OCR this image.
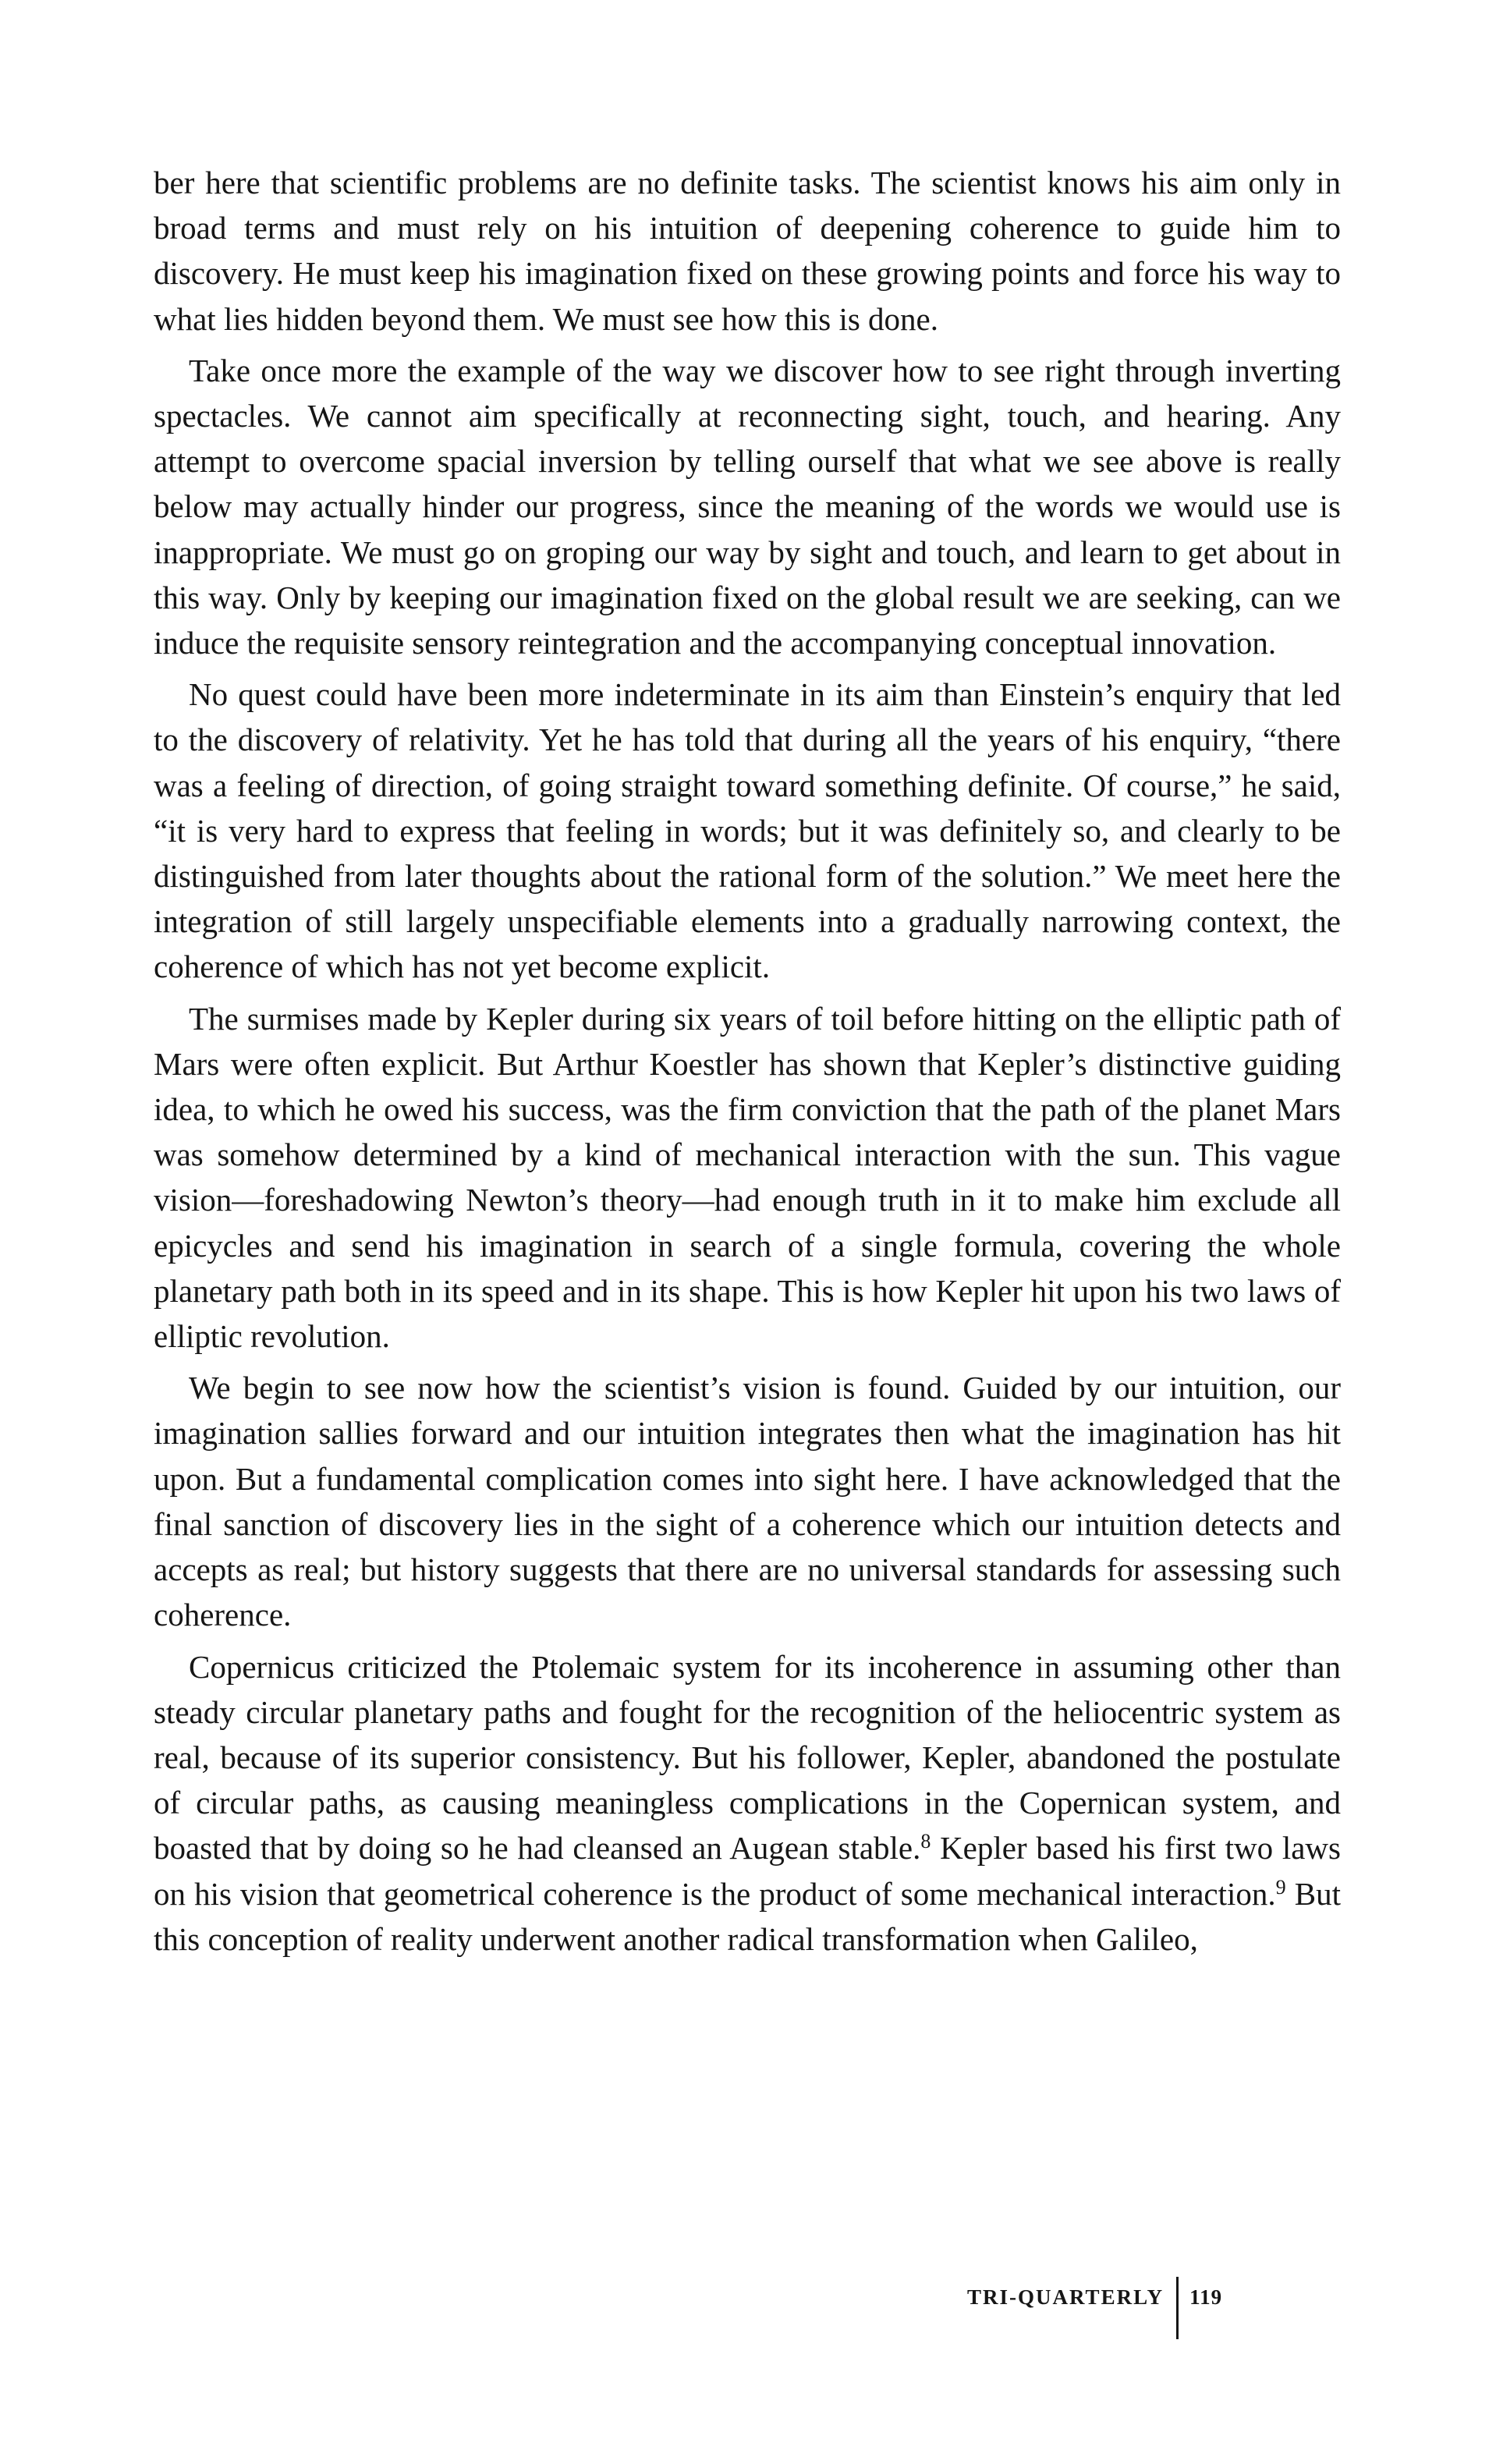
ber here that scientific problems are no definite tasks. The scientist knows his aim only in broad terms and must rely on his intuition of deepening coherence to guide him to discovery. He must keep his imagination fixed on these growing points and force his way to what lies hidden beyond them. We must see how this is done.

Take once more the example of the way we discover how to see right through inverting spectacles. We cannot aim specifically at reconnecting sight, touch, and hearing. Any attempt to overcome spacial inversion by telling ourself that what we see above is really below may actually hinder our progress, since the meaning of the words we would use is inappropriate. We must go on groping our way by sight and touch, and learn to get about in this way. Only by keeping our imagination fixed on the global result we are seeking, can we induce the requisite sensory reintegration and the accompanying conceptual innovation.

No quest could have been more indeterminate in its aim than Einstein’s enquiry that led to the discovery of relativity. Yet he has told that during all the years of his enquiry, “there was a feeling of direction, of going straight toward something definite. Of course,” he said, “it is very hard to express that feeling in words; but it was definitely so, and clearly to be distinguished from later thoughts about the rational form of the solution.” We meet here the integration of still largely unspecifiable elements into a gradually narrowing context, the coherence of which has not yet become explicit.

The surmises made by Kepler during six years of toil before hitting on the elliptic path of Mars were often explicit. But Arthur Koestler has shown that Kepler’s distinctive guiding idea, to which he owed his success, was the firm conviction that the path of the planet Mars was somehow determined by a kind of mechanical interaction with the sun. This vague vision—foreshadowing Newton’s theory—had enough truth in it to make him exclude all epicycles and send his imagination in search of a single formula, covering the whole planetary path both in its speed and in its shape. This is how Kepler hit upon his two laws of elliptic revolution.

We begin to see now how the scientist’s vision is found. Guided by our intuition, our imagination sallies forward and our intuition integrates then what the imagination has hit upon. But a fundamental complication comes into sight here. I have acknowledged that the final sanction of discovery lies in the sight of a coherence which our intuition detects and accepts as real; but history suggests that there are no universal standards for assessing such coherence.

Copernicus criticized the Ptolemaic system for its incoherence in assuming other than steady circular planetary paths and fought for the recognition of the heliocentric system as real, because of its superior consistency. But his follower, Kepler, abandoned the postulate of circular paths, as causing meaningless complications in the Copernican system, and boasted that by doing so he had cleansed an Augean stable.$^8$ Kepler based his first two laws on his vision that geometrical coherence is the product of some mechanical interaction.$^9$ But this conception of reality underwent another radical transformation when Galileo,

TRI-QUARTERLY 119
